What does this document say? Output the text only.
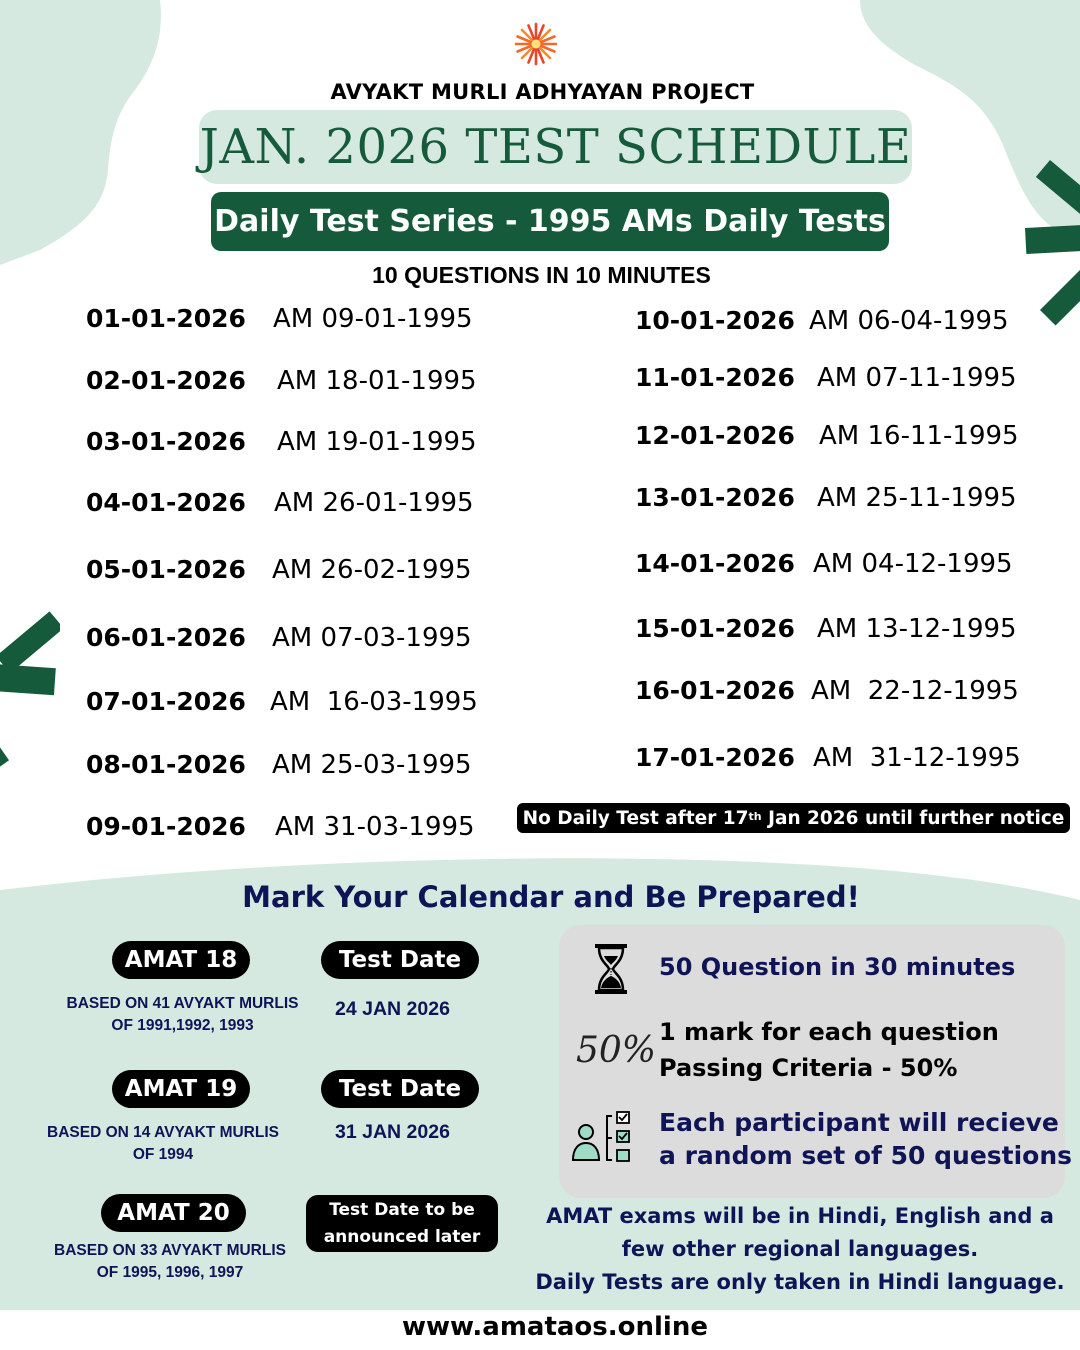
AVYAKT MURLI ADHYAYAN PROJECT
JAN. 2026 TEST SCHEDULE
Daily Test Series - 1995 AMs Daily Tests
10 QUESTIONS IN 10 MINUTES
01-01-2026	AM 09-01-1995
02-01-2026	AM 18-01-1995
03-01-2026	AM 19-01-1995
04-01-2026	AM 26-01-1995
05-01-2026	AM 26-02-1995
06-01-2026	AM 07-03-1995
07-01-2026 AM  16-03-1995
08-01-2026	AM 25-03-1995
09-01-2026	AM 31-03-1995
10-01-2026 AM 06-04-1995
11-01-2026 AM 07-11-1995
12-01-2026 AM 16-11-1995
13-01-2026 AM 25-11-1995
14-01-2026 AM 04-12-1995
15-01-2026 AM 13-12-1995
16-01-2026 AM  22-12-1995
17-01-2026 AM  31-12-1995
No Daily Test after 17th Jan 2026 until further notice
Mark Your Calendar and Be Prepared!
AMAT 18
BASED ON 41 AVYAKT MURLIS
OF 1991,1992, 1993
Test Date
24 JAN 2026
AMAT 19
BASED ON 14 AVYAKT MURLIS
OF 1994
Test Date
31 JAN 2026
AMAT 20
BASED ON 33 AVYAKT MURLIS
OF 1995, 1996, 1997
Test Date to be
announced later
50 Question in 30 minutes
50% 1 mark for each question
Passing Criteria - 50%
Each participant will recieve
a random set of 50 questions
AMAT exams will be in Hindi, English and a
few other regional languages.
Daily Tests are only taken in Hindi language.
www.amataos.online
